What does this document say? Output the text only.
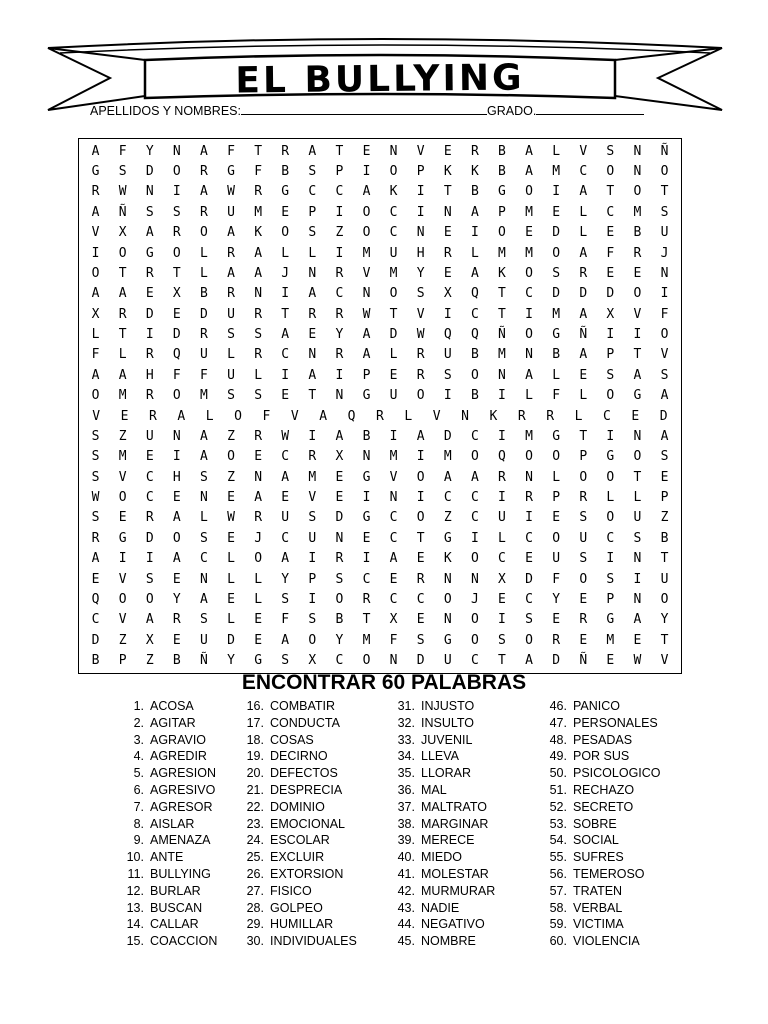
EL BULLYING
APELLIDOS Y NOMBRES:	GRADO.
A	F	Y	N	A	F	T	R	A	T	E	N	V	E	R	B	A	L	V	S	N	Ñ
G	S	D	O	R	G	F	B	S	P	I	O	P	K	K	B	A	M	C	O	N	O
R	W	N	I	A	W	R	G	C	C	A	K	I	T	B	G	O	I	A	T	O	T
A	Ñ	S	S	R	U	M	E	P	I	O	C	I	N	A	P	M	E	L	C	M	S
V	X	A	R	O	A	K	O	S	Z	O	C	N	E	I	O	E	D	L	E	B	U
I	O	G	O	L	R	A	L	L	I	M	U	H	R	L	M	M	O	A	F	R	J
O	T	R	T	L	A	A	J	N	R	V	M	Y	E	A	K	O	S	R	E	E	N
A	A	E	X	B	R	N	I	A	C	N	O	S	X	Q	T	C	D	D	D	O	I
X	R	D	E	D	U	R	T	R	R	W	T	V	I	C	T	I	M	A	X	V	F
L	T	I	D	R	S	S	A	E	Y	A	D	W	Q	Q	Ñ	O	G	Ñ	I	I	O
F	L	R	Q	U	L	R	C	N	R	A	L	R	U	B	M	N	B	A	P	T	V
A	A	H	F	F	U	L	I	A	I	P	E	R	S	O	N	A	L	E	S	A	S
O	M	R	O	M	S	S	E	T	N	G	U	O	I	B	I	L	F	L	O	G	A
V	E	R	A	L	O	F	V	A	Q	R	L	V	N	K	R	R	L	C	E	D
S	Z	U	N	A	Z	R	W	I	A	B	I	A	D	C	I	M	G	T	I	N	A
S	M	E	I	A	O	E	C	R	X	N	M	I	M	O	Q	O	O	P	G	O	S
S	V	C	H	S	Z	N	A	M	E	G	V	O	A	A	R	N	L	O	O	T	E
W	O	C	E	N	E	A	E	V	E	I	N	I	C	C	I	R	P	R	L	L	P
S	E	R	A	L	W	R	U	S	D	G	C	O	Z	C	U	I	E	S	O	U	Z
R	G	D	O	S	E	J	C	U	N	E	C	T	G	I	L	C	O	U	C	S	B
A	I	I	A	C	L	O	A	I	R	I	A	E	K	O	C	E	U	S	I	N	T
E	V	S	E	N	L	L	Y	P	S	C	E	R	N	N	X	D	F	O	S	I	U
Q	O	O	Y	A	E	L	S	I	O	R	C	C	O	J	E	C	Y	E	P	N	O
C	V	A	R	S	L	E	F	S	B	T	X	E	N	O	I	S	E	R	G	A	Y
D	Z	X	E	U	D	E	A	O	Y	M	F	S	G	O	S	O	R	E	M	E	T
B	P	Z	B	Ñ	Y	G	S	X	C	O	N	D	U	C	T	A	D	Ñ	E	W	V
ENCONTRAR 60 PALABRAS
1. ACOSA
2. AGITAR
3. AGRAVIO
4. AGREDIR
5. AGRESION
6. AGRESIVO
7. AGRESOR
8. AISLAR
9. AMENAZA
10. ANTE
11. BULLYING
12. BURLAR
13. BUSCAN
14. CALLAR
15. COACCION
16. COMBATIR
17. CONDUCTA
18. COSAS
19. DECIRNO
20. DEFECTOS
21. DESPRECIA
22. DOMINIO
23. EMOCIONAL
24. ESCOLAR
25. EXCLUIR
26. EXTORSION
27. FISICO
28. GOLPEO
29. HUMILLAR
30. INDIVIDUALES
31. INJUSTO
32. INSULTO
33. JUVENIL
34. LLEVA
35. LLORAR
36. MAL
37. MALTRATO
38. MARGINAR
39. MERECE
40. MIEDO
41. MOLESTAR
42. MURMURAR
43. NADIE
44. NEGATIVO
45. NOMBRE
46. PANICO
47. PERSONALES
48. PESADAS
49. POR SUS
50. PSICOLOGICO
51. RECHAZO
52. SECRETO
53. SOBRE
54. SOCIAL
55. SUFRES
56. TEMEROSO
57. TRATEN
58. VERBAL
59. VICTIMA
60. VIOLENCIA
